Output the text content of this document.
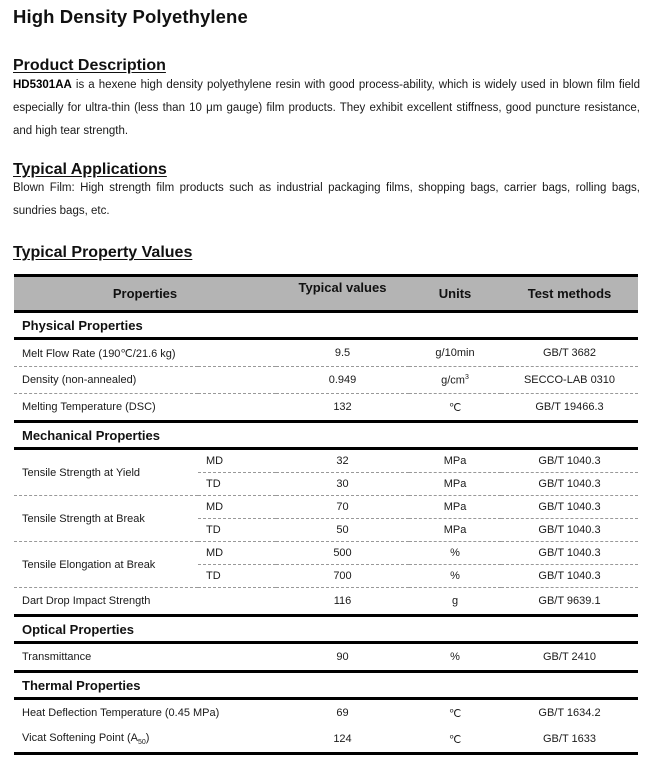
High Density Polyethylene
Product Description
HD5301AA is a hexene high density polyethylene resin with good process-ability, which is widely used in blown film field especially for ultra-thin (less than 10 μm gauge) film products. They exhibit excellent stiffness, good puncture resistance, and high tear strength.
Typical Applications
Blown Film: High strength film products such as industrial packaging films, shopping bags, carrier bags, rolling bags, sundries bags, etc.
Typical Property Values
Properties		Typical values	Units	Test methods
Physical Properties				
Melt Flow Rate (190℃/21.6 kg)		9.5	g/10min	GB/T 3682
Density (non-annealed)		0.949	$g/cm^3$	SECCO-LAB 0310
Melting Temperature (DSC)		132	℃	GB/T 19466.3
Mechanical Properties				
Tensile Strength at Yield	MD	32	MPa	GB/T 1040.3
	TD	30	MPa	GB/T 1040.3
Tensile Strength at Break	MD	70	MPa	GB/T 1040.3
	TD	50	MPa	GB/T 1040.3
Tensile Elongation at Break	MD	500	%	GB/T 1040.3
	TD	700	%	GB/T 1040.3
Dart Drop Impact Strength		116	g	GB/T 9639.1
Optical Properties				
Transmittance		90	%	GB/T 2410
Thermal Properties				
Heat Deflection Temperature (0.45 MPa)		69	℃	GB/T 1634.2
Vicat Softening Point $(A_{50})$		124	℃	GB/T 1633
